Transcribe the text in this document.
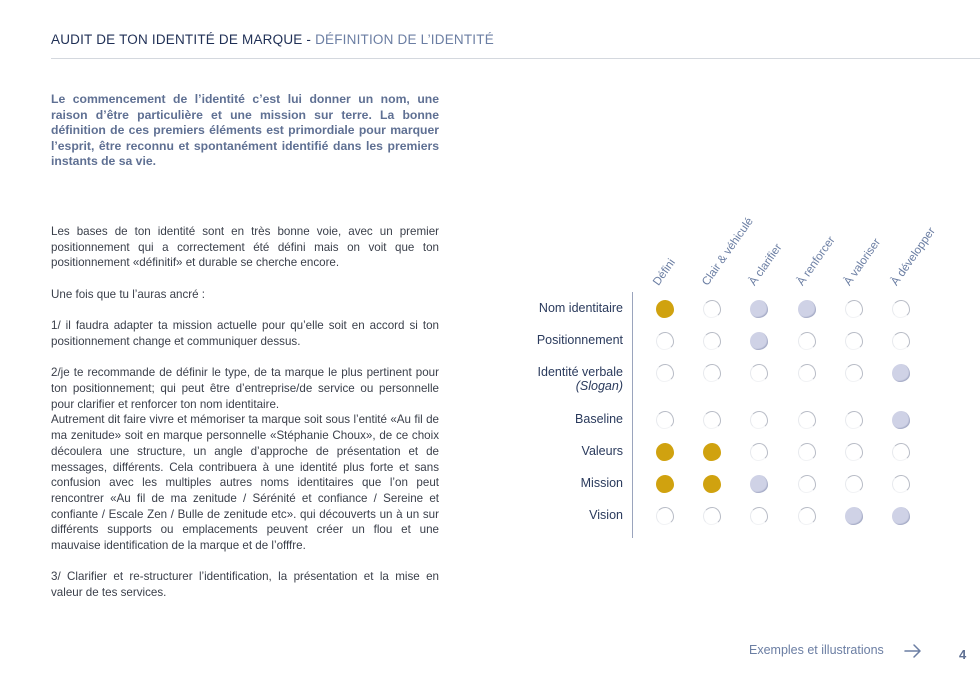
AUDIT DE TON IDENTITÉ DE MARQUE - DÉFINITION DE L’IDENTITÉ
Le commencement de l’identité c’est lui donner un nom, une raison d’être particulière et une mission sur terre. La bonne définition de ces premiers éléments est primordiale pour marquer l’esprit, être reconnu et spontanément identifié dans les premiers instants de sa vie.

Les bases de ton identité sont en très bonne voie, avec un premier positionnement qui a correctement été défini mais on voit que ton positionnement «définitif» et durable se cherche encore.

Une fois que tu l’auras ancré :

1/ il faudra adapter ta mission actuelle pour qu’elle soit en accord si ton positionnement change et communiquer dessus.

2/je te recommande de définir le type, de ta marque le plus pertinent pour ton positionnement; qui peut être d’entreprise/de service ou personnelle pour clarifier et renforcer ton nom identitaire.

Autrement dit faire vivre et mémoriser ta marque soit sous l’entité «Au fil de ma zenitude» soit en marque personnelle «Stéphanie Choux», de ce choix découlera une structure, un angle d’approche de présentation et de messages, différents. Cela contribuera à une identité plus forte et sans confusion avec les multiples autres noms identitaires que l’on peut rencontrer «Au fil de ma zenitude / Sérénité et confiance / Sereine et confiante / Escale Zen / Bulle de zenitude etc». qui découverts un à un sur différents supports ou emplacements peuvent créer un flou et une mauvaise identification de la marque et de l’offfre.

3/ Clarifier et re-structurer l’identification, la présentation et la mise en valeur de tes services.

Défini Clair & véhiculé
À clarifier À renforcer À valoriser À développer
Nom identitaire
Positionnement
Identité verbale
(Slogan)
Baseline
Valeurs
Mission
Vision
Exemples et illustrations	4
